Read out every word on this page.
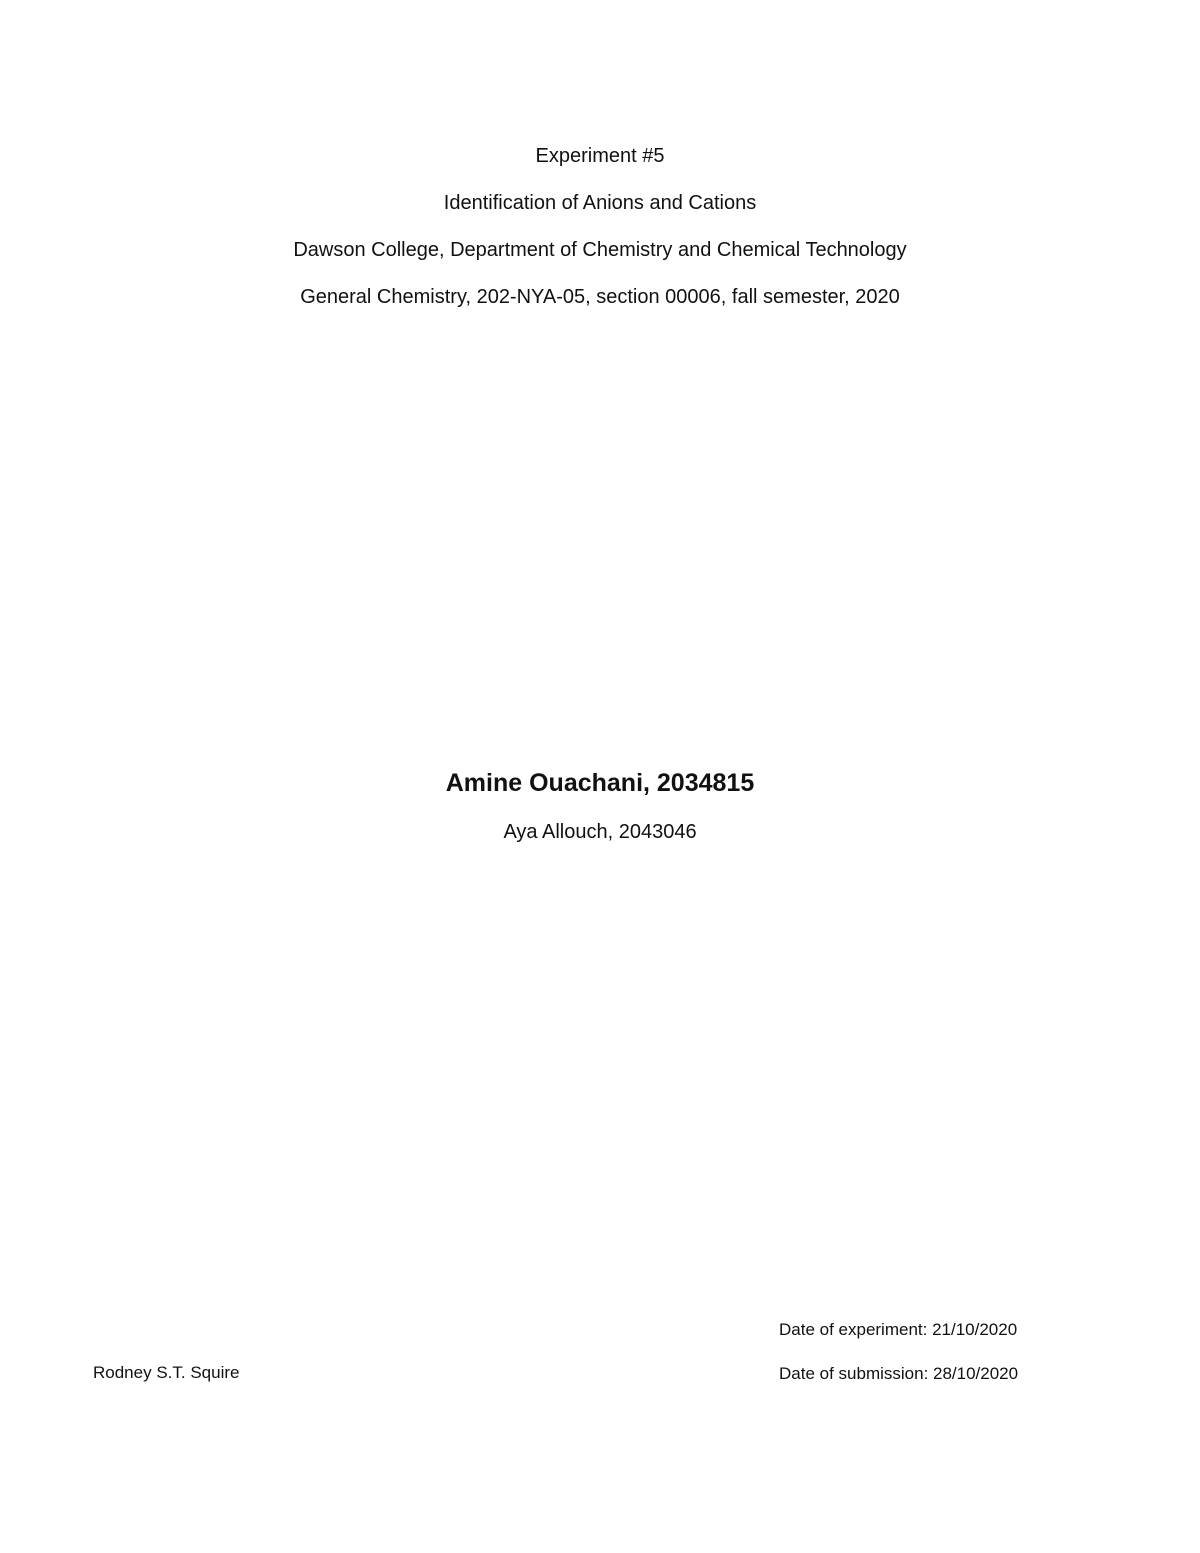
Experiment #5
Identification of Anions and Cations
Dawson College, Department of Chemistry and Chemical Technology
General Chemistry, 202-NYA-05, section 00006, fall semester, 2020
Amine Ouachani, 2034815
Aya Allouch, 2043046
Rodney S.T. Squire
Date of experiment: 21/10/2020
Date of submission: 28/10/2020
